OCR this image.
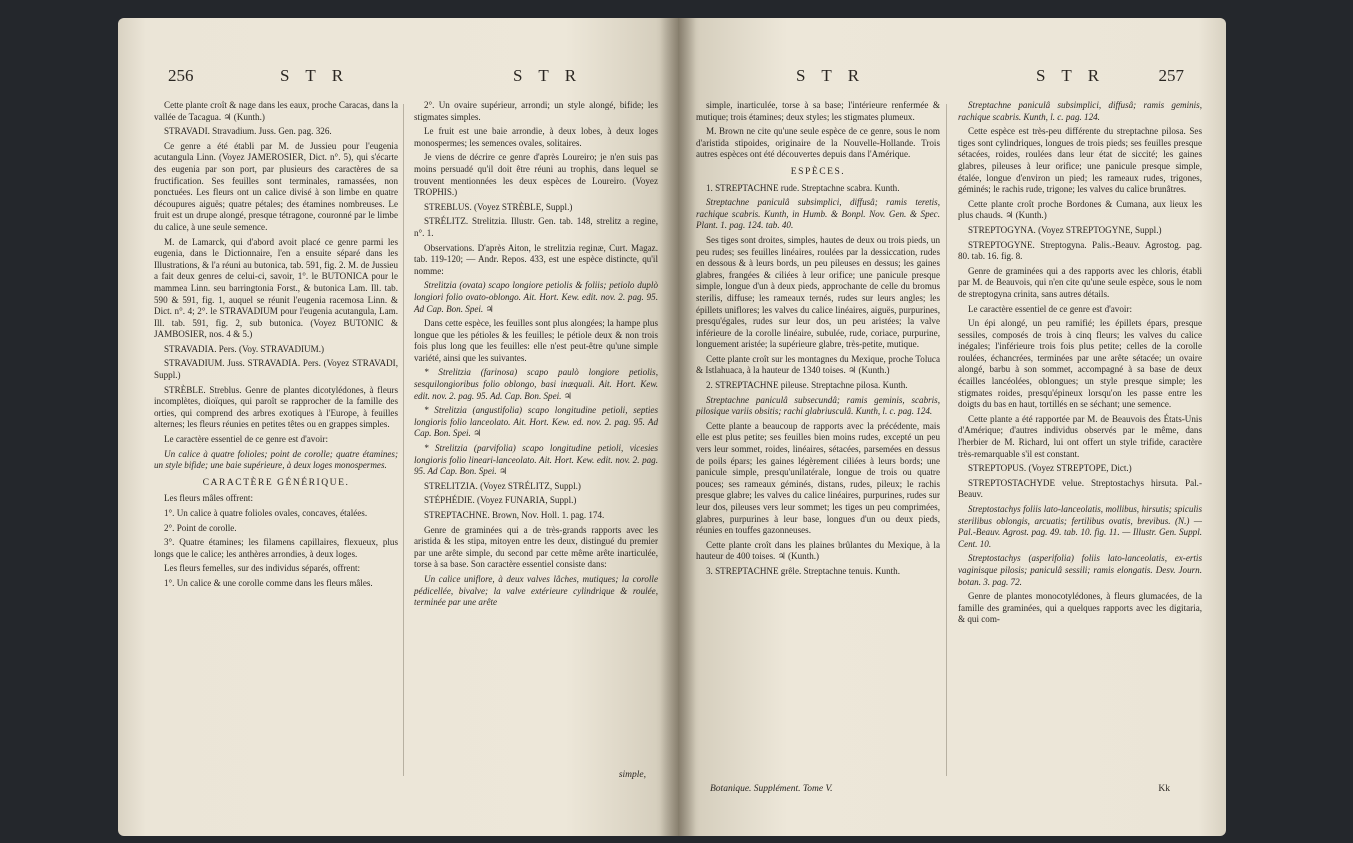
256	S T R	S T R

Cette plante croît & nage dans les eaux, proche Caracas, dans la vallée de Tacagua. ♃ (Kunth.)

STRAVADI. Stravadium. Juss. Gen. pag. 326.

Ce genre a été établi par M. de Jussieu pour l'eugenia acutangula Linn. (Voyez JAMEROSIER, Dict. n°. 5), qui s'écarte des eugenia par son port, par plusieurs des caractères de sa fructification. Ses feuilles sont terminales, ramassées, non ponctuées. Les fleurs ont un calice divisé à son limbe en quatre découpures aiguës; quatre pétales; des étamines nombreuses. Le fruit est un drupe alongé, presque tétragone, couronné par le limbe du calice, à une seule semence.

M. de Lamarck, qui d'abord avoit placé ce genre parmi les eugenia, dans le Dictionnaire, l'en a ensuite séparé dans les Illustrations, & l'a réuni au butonica, tab. 591, fig. 2. M. de Jussieu a fait deux genres de celui-ci, savoir, 1°. le BUTONICA pour le mammea Linn. seu barringtonia Forst., & butonica Lam. Ill. tab. 590 & 591, fig. 1, auquel se réunit l'eugenia racemosa Linn. & Dict. n°. 4; 2°. le STRAVADIUM pour l'eugenia acutangula, Lam. Ill. tab. 591, fig. 2, sub butonica. (Voyez BUTONIC & JAMBOSIER, nos. 4 & 5.)

STRAVADIA. Pers. (Voy. STRAVADIUM.)

STRAVADIUM. Juss. STRAVADIA. Pers. (Voyez STRAVADI, Suppl.)

STRÈBLE. Streblus. Genre de plantes dicotylédones, à fleurs incomplètes, dioïques, qui paroît se rapprocher de la famille des orties, qui comprend des arbres exotiques à l'Europe, à feuilles alternes; les fleurs réunies en petites têtes ou en grappes simples.

Le caractère essentiel de ce genre est d'avoir:

Un calice à quatre folioles; point de corolle; quatre étamines; un style bifide; une baie supérieure, à deux loges monospermes.

CARACTÈRE GÉNÉRIQUE.

Les fleurs mâles offrent:

1°. Un calice à quatre folioles ovales, concaves, étalées.

2°. Point de corolle.

3°. Quatre étamines; les filamens capillaires, flexueux, plus longs que le calice; les anthères arrondies, à deux loges.

Les fleurs femelles, sur des individus séparés, offrent:

1°. Un calice & une corolle comme dans les fleurs mâles.

2°. Un ovaire supérieur, arrondi; un style alongé, bifide; les stigmates simples.

Le fruit est une baie arrondie, à deux lobes, à deux loges monospermes; les semences ovales, solitaires.

Je viens de décrire ce genre d'après Loureiro; je n'en suis pas moins persuadé qu'il doit être réuni au trophis, dans lequel se trouvent mentionnées les deux espèces de Loureiro. (Voyez TROPHIS.)

STREBLUS. (Voyez STRÈBLE, Suppl.)

STRÉLITZ. Strelitzia. Illustr. Gen. tab. 148, strelitz a regine, n°. 1.

Observations. D'après Aiton, le strelitzia reginæ, Curt. Magaz. tab. 119-120; — Andr. Repos. 433, est une espèce distincte, qu'il nomme:

Strelitzia (ovata) scapo longiore petiolis & foliis; petiolo duplò longiori folio ovato-oblongo. Ait. Hort. Kew. edit. nov. 2. pag. 95. Ad Cap. Bon. Spei. ♃

Dans cette espèce, les feuilles sont plus alongées; la hampe plus longue que les pétioles & les feuilles; le pétiole deux & non trois fois plus long que les feuilles: elle n'est peut-être qu'une simple variété, ainsi que les suivantes.

* Strelitzia (farinosa) scapo paulò longiore petiolis, sesquilongioribus folio oblongo, basi inæquali. Ait. Hort. Kew. edit. nov. 2. pag. 95. Ad. Cap. Bon. Spei. ♃

* Strelitzia (angustifolia) scapo longitudine petioli, septies longioris folio lanceolato. Ait. Hort. Kew. ed. nov. 2. pag. 95. Ad Cap. Bon. Spei. ♃

* Strelitzia (parvifolia) scapo longitudine petioli, vicesies longioris folio lineari-lanceolato. Ait. Hort. Kew. edit. nov. 2. pag. 95. Ad Cap. Bon. Spei. ♃

STRELITZIA. (Voyez STRÉLITZ, Suppl.)

STÉPHÉDIE. (Voyez FUNARIA, Suppl.)

STREPTACHNE. Brown, Nov. Holl. 1. pag. 174.

Genre de graminées qui a de très-grands rapports avec les aristida & les stipa, mitoyen entre les deux, distingué du premier par une arête simple, du second par cette même arête inarticulée, torse à sa base. Son caractère essentiel consiste dans:

Un calice uniflore, à deux valves lâches, mutiques; la corolle pédicellée, bivalve; la valve extérieure cylindrique & roulée, terminée par une arête

simple,
S T R	S T R	257

simple, inarticulée, torse à sa base; l'intérieure renfermée & mutique; trois étamines; deux styles; les stigmates plumeux.

M. Brown ne cite qu'une seule espèce de ce genre, sous le nom d'aristida stipoides, originaire de la Nouvelle-Hollande. Trois autres espèces ont été découvertes depuis dans l'Amérique.

ESPÈCES.

1. STREPTACHNE rude. Streptachne scabra. Kunth.

Streptachne paniculâ subsimplici, diffusâ; ramis teretis, rachique scabris. Kunth, in Humb. & Bonpl. Nov. Gen. & Spec. Plant. 1. pag. 124. tab. 40.

Ses tiges sont droites, simples, hautes de deux ou trois pieds, un peu rudes; ses feuilles linéaires, roulées par la dessiccation, rudes en dessous & à leurs bords, un peu pileuses en dessus; les gaines glabres, frangées & ciliées à leur orifice; une panicule presque simple, longue d'un à deux pieds, approchante de celle du bromus sterilis, diffuse; les rameaux ternés, rudes sur leurs angles; les épillets uniflores; les valves du calice linéaires, aiguës, purpurines, presqu'égales, rudes sur leur dos, un peu aristées; la valve inférieure de la corolle linéaire, subulée, rude, coriace, purpurine, longuement aristée; la supérieure glabre, très-petite, mutique.

Cette plante croît sur les montagnes du Mexique, proche Toluca & Istlahuaca, à la hauteur de 1340 toises. ♃ (Kunth.)

2. STREPTACHNE pileuse. Streptachne pilosa. Kunth.

Streptachne paniculâ subsecundâ; ramis geminis, scabris, pilosique variis obsitis; rachi glabriusculâ. Kunth, l. c. pag. 124.

Cette plante a beaucoup de rapports avec la précédente, mais elle est plus petite; ses feuilles bien moins rudes, excepté un peu vers leur sommet, roides, linéaires, sétacées, parsemées en dessus de poils épars; les gaines légèrement ciliées à leurs bords; une panicule simple, presqu'unilatérale, longue de trois ou quatre pouces; ses rameaux géminés, distans, rudes, pileux; le rachis presque glabre; les valves du calice linéaires, purpurines, rudes sur leur dos, pileuses vers leur sommet; les tiges un peu comprimées, glabres, purpurines à leur base, longues d'un ou deux pieds, réunies en touffes gazonneuses.

Cette plante croît dans les plaines brûlantes du Mexique, à la hauteur de 400 toises. ♃ (Kunth.)

3. STREPTACHNE grêle. Streptachne tenuis. Kunth.

Streptachne paniculâ subsimplici, diffusâ; ramis geminis, rachique scabris. Kunth, l. c. pag. 124.

Cette espèce est très-peu différente du streptachne pilosa. Ses tiges sont cylindriques, longues de trois pieds; ses feuilles presque sétacées, roides, roulées dans leur état de siccité; les gaines glabres, pileuses à leur orifice; une panicule presque simple, étalée, longue d'environ un pied; les rameaux rudes, trigones, géminés; le rachis rude, trigone; les valves du calice brunâtres.

Cette plante croît proche Bordones & Cumana, aux lieux les plus chauds. ♃ (Kunth.)

STREPTOGYNA. (Voyez STREPTOGYNE, Suppl.)

STREPTOGYNE. Streptogyna. Palis.-Beauv. Agrostog. pag. 80. tab. 16. fig. 8.

Genre de graminées qui a des rapports avec les chloris, établi par M. de Beauvois, qui n'en cite qu'une seule espèce, sous le nom de streptogyna crinita, sans autres détails.

Le caractère essentiel de ce genre est d'avoir:

Un épi alongé, un peu ramifié; les épillets épars, presque sessiles, composés de trois à cinq fleurs; les valves du calice inégales; l'inférieure trois fois plus petite; celles de la corolle roulées, échancrées, terminées par une arête sétacée; un ovaire alongé, barbu à son sommet, accompagné à sa base de deux écailles lancéolées, oblongues; un style presque simple; les stigmates roides, presqu'épineux lorsqu'on les passe entre les doigts du bas en haut, tortillés en se séchant; une semence.

Cette plante a été rapportée par M. de Beauvois des États-Unis d'Amérique; d'autres individus observés par le même, dans l'herbier de M. Richard, lui ont offert un style trifide, caractère très-remarquable s'il est constant.

STREPTOPUS. (Voyez STREPTOPE, Dict.)

STREPTOSTACHYDE velue. Streptostachys hirsuta. Pal.-Beauv.

Streptostachys foliis lato-lanceolatis, mollibus, hirsutis; spiculis sterilibus oblongis, arcuatis; fertilibus ovatis, brevibus. (N.) — Pal.-Beauv. Agrost. pag. 49. tab. 10. fig. 11. — Illustr. Gen. Suppl. Cent. 10.

Streptostachys (asperifolia) foliis lato-lanceolatis, ex-ertis vaginisque pilosis; paniculâ sessili; ramis elongatis. Desv. Journ. botan. 3. pag. 72.

Genre de plantes monocotylédones, à fleurs glumacées, de la famille des graminées, qui a quelques rapports avec les digitaria, & qui com-

Botanique. Supplément. Tome V.	Kk
